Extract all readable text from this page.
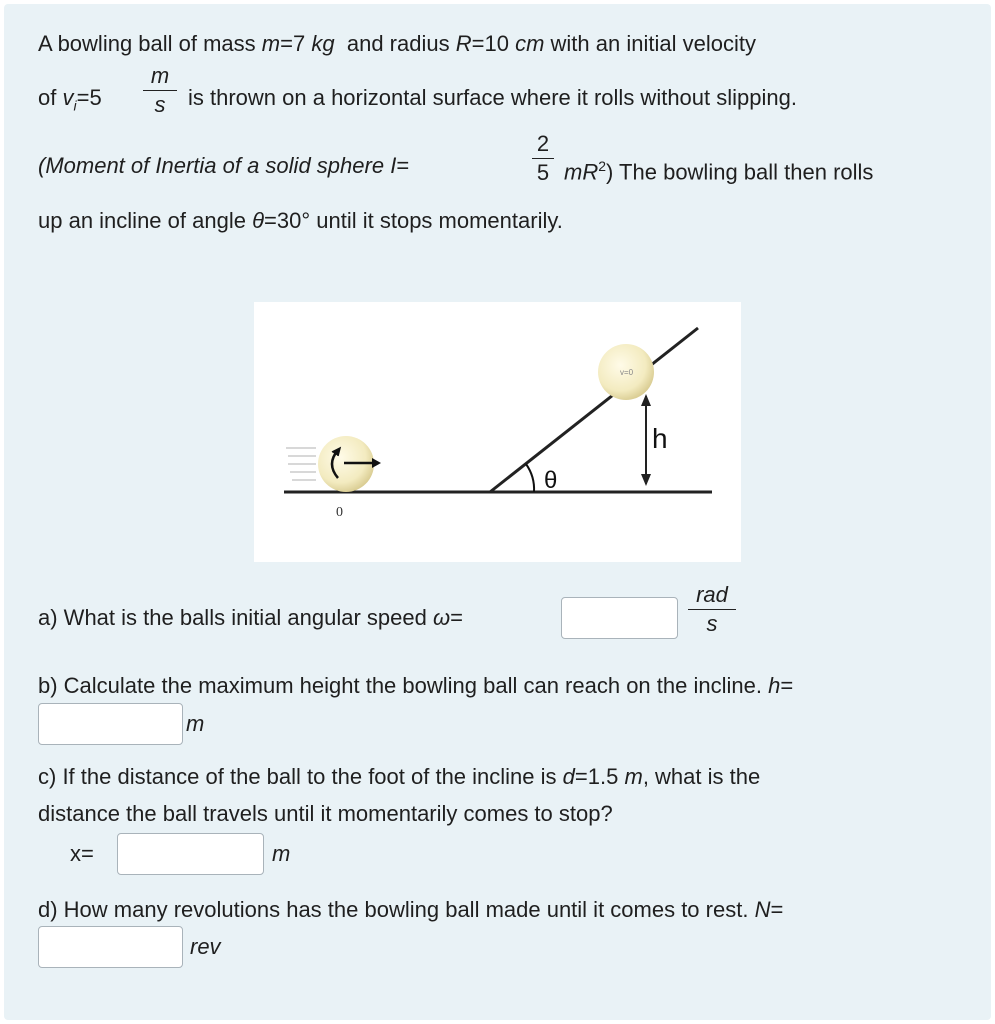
A bowling ball of mass m=7 kg and radius R=10 cm with an initial velocity
of $v_i=5$
m
s	is thrown on a horizontal surface where it rolls without slipping.
(Moment of Inertia of a solid sphere I=
2
5 $mR^2$) The bowling ball then rolls
up an incline of angle θ=30° until it stops momentarily.
v=0
h
θ
0
a) What is the balls initial angular speed ω=
rad
s
b) Calculate the maximum height the bowling ball can reach on the incline. h=
m
c) If the distance of the ball to the foot of the incline is d=1.5 m, what is the
distance the ball travels until it momentarily comes to stop?
x=	m
d) How many revolutions has the bowling ball made until it comes to rest. N=
rev
